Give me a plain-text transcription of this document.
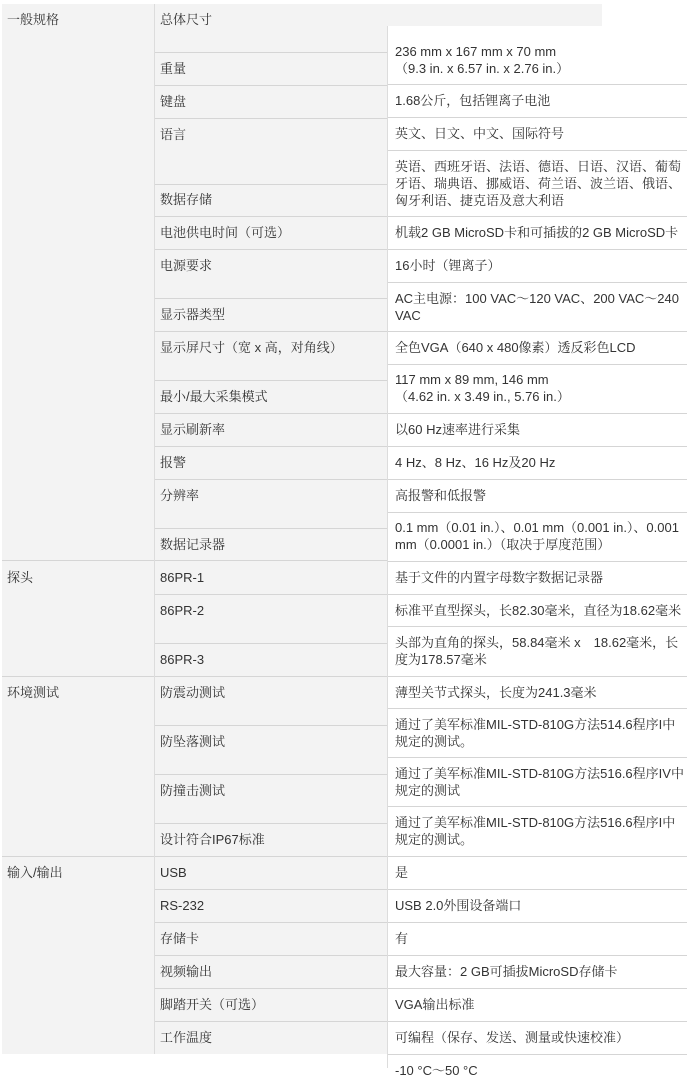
一般规格
探头
环境测试
输入/输出
总体尺寸
重量
键盘
语言
数据存储
电池供电时间（可选）
电源要求
显示器类型
显示屏尺寸（宽 x 高，对角线）
最小/最大采集模式
显示刷新率
报警
分辨率
数据记录器
86PR-1
86PR-2
86PR-3
防震动测试
防坠落测试
防撞击测试
设计符合IP67标准
USB
RS-232
存储卡
视频输出
脚踏开关（可选）
工作温度
236 mm x 167 mm x 70 mm
（9.3 in. x 6.57 in. x 2.76 in.）
1.68公斤，包括锂离子电池
英文、日文、中文、国际符号
英语、西班牙语、法语、德语、日语、汉语、葡萄牙语、瑞典语、挪威语、荷兰语、波兰语、俄语、匈牙利语、捷克语及意大利语
机载2 GB MicroSD卡和可插拔的2 GB MicroSD卡
16小时（锂离子）
AC主电源：100 VAC～120 VAC、200 VAC～240 VAC
全色VGA（640 x 480像素）透反彩色LCD
117 mm x 89 mm, 146 mm
（4.62 in. x 3.49 in., 5.76 in.）
以60 Hz速率进行采集
4 Hz、8 Hz、16 Hz及20 Hz
高报警和低报警
0.1 mm（0.01 in.）、0.01 mm（0.001 in.）、0.001 mm（0.0001 in.）（取决于厚度范围）
基于文件的内置字母数字数据记录器
标准平直型探头，长82.30毫米，直径为18.62毫米
头部为直角的探头，58.84毫米 x　18.62毫米，长度为178.57毫米
薄型关节式探头，长度为241.3毫米
通过了美军标准MIL-STD-810G方法514.6程序I中规定的测试。
通过了美军标准MIL-STD-810G方法516.6程序IV中规定的测试
通过了美军标准MIL-STD-810G方法516.6程序I中规定的测试。
是
USB 2.0外围设备端口
有
最大容量：2 GB可插拔MicroSD存储卡
VGA输出标准
可编程（保存、发送、测量或快速校准）
-10 °C～50 °C
